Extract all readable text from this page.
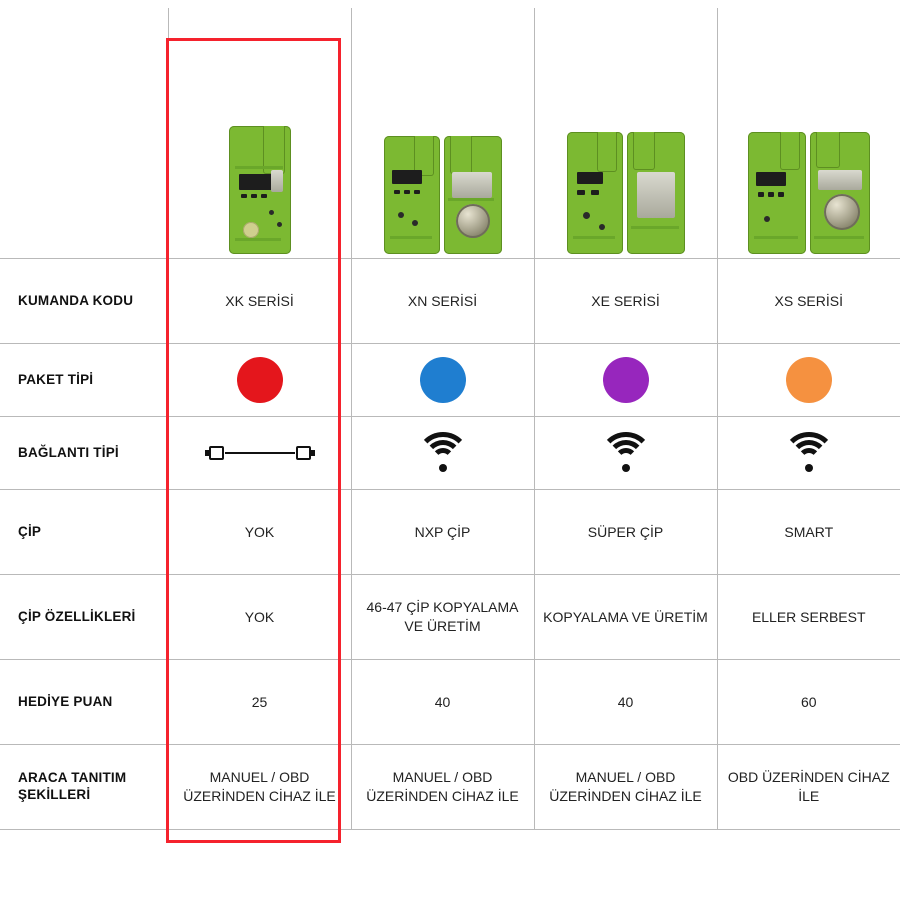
KUMANDA KODU	XK SERİSİ	XN SERİSİ	XE SERİSİ	XS SERİSİ
PAKET TİPİ	

BAĞLANTI TİPİ	

ÇİP	YOK	NXP ÇİP	SÜPER ÇİP	SMART
ÇİP ÖZELLİKLERİ	YOK	46-47 ÇİP KOPYALAMA VE ÜRETİM	KOPYALAMA VE ÜRETİM	ELLER SERBEST
HEDİYE PUAN	25	40	40	60
ARACA TANITIM ŞEKİLLERİ	MANUEL / OBD ÜZERİNDEN CİHAZ İLE	MANUEL / OBD ÜZERİNDEN CİHAZ İLE	MANUEL / OBD ÜZERİNDEN CİHAZ İLE	OBD ÜZERİNDEN CİHAZ İLE
